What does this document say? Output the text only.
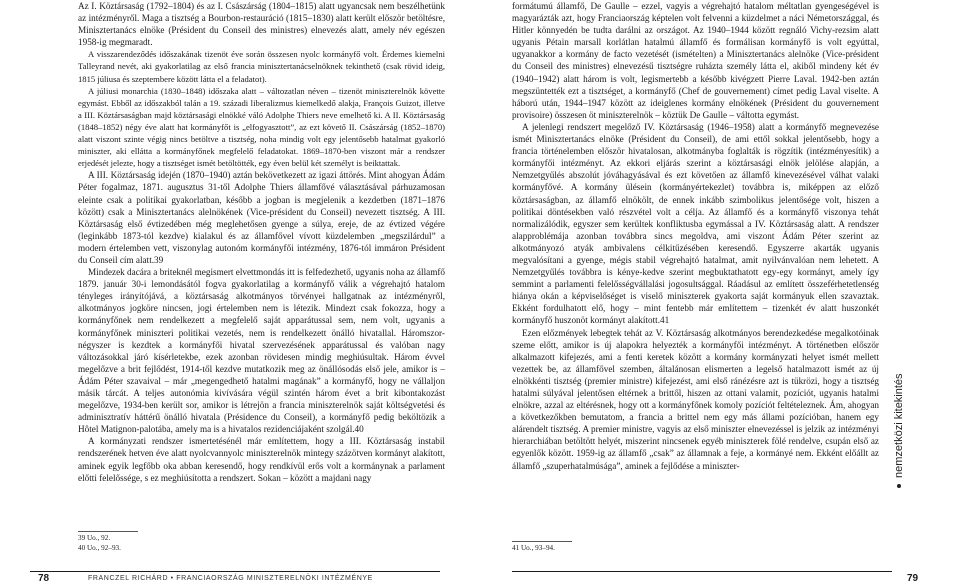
Az I. Köztársaság (1792–1804) és az I. Császárság (1804–1815) alatt ugyancsak nem beszélhetünk az intézményről. Maga a tisztség a Bourbon-restauráció (1815–1830) alatt került először betöltésre, Minisztertanács elnöke (Président du Conseil des ministres) elnevezés alatt, amely név egészen 1958-ig megmaradt.

A visszarendeződés időszakának tizenöt éve során összesen nyolc kormányfő volt. Érdemes kiemelni Talleyrand nevét, aki gyakorlatilag az első francia minisztertanácselnöknek tekinthető (csak rövid ideig, 1815 júliusa és szeptembere között látta el a feladatot).

A júliusi monarchia (1830–1848) időszaka alatt – változatlan néven – tizenöt miniszterelnök követte egymást. Ebből az időszakból talán a 19. századi liberalizmus kiemelkedő alakja, François Guizot, illetve a III. Köztársaságban majd köztársasági elnökké váló Adolphe Thiers neve emelhető ki. A II. Köztársaság (1848–1852) négy éve alatt hat kormányfőt is „elfogyasztott”, az ezt követő II. Császárság (1852–1870) alatt viszont szinte végig nincs betöltve a tisztség, noha mindig volt egy jelentősebb hatalmat gyakorló miniszter, aki ellátta a kormányfőnek megfelelő feladatokat. 1869–1870-ben viszont már a rendszer erjedését jelezte, hogy a tisztséget ismét betöltötték, egy éven belül két személyt is beiktattak.

A III. Köztársaság idején (1870–1940) aztán bekövetkezett az igazi áttörés. Mint ahogyan Ádám Péter fogalmaz, 1871. augusztus 31-től Adolphe Thiers államfővé választásával párhuzamosan eleinte csak a politikai gyakorlatban, később a jogban is megjelenik a kezdetben (1871–1876 között) csak a Minisztertanács alelnökének (Vice-président du Conseil) nevezett tisztség. A III. Köztársaság első évtizedében még meglehetősen gyenge a súlya, ereje, de az évtized végére (leginkább 1873-tól kezdve) kialakul és az államfővel vívott küzdelemben „megszilárdul” a modern értelemben vett, viszonylag autonóm kormányfői intézmény, 1876-tól immáron Président du Conseil cím alatt.39

Mindezek dacára a briteknél megismert elvettmondás itt is felfedezhető, ugyanis noha az államfő 1879. január 30-i lemondásától fogva gyakorlatilag a kormányfő válik a végrehajtó hatalom tényleges irányítójává, a köztársaság alkotmányos törvényei hallgatnak az intézményről, alkotmányos jogköre nincsen, jogi értelemben nem is létezik. Mindezt csak fokozza, hogy a kormányfőnek nem rendelkezett a megfelelő saját apparátussal sem, nem volt, ugyanis a kormányfőnek miniszteri politikai vezetés, nem is rendelkezett önálló hivatallal. Háromszor-négyszer is kezdtek a kormányfői hivatal szervezésének apparátussal és valóban nagy változásokkal járó kísérletekbe, ezek azonban rövidesen mindig meghiúsultak. Három évvel megelőzve a brit fejlődést, 1914-től kezdve mutatkozik meg az önállósodás első jele, amikor is – Ádám Péter szavaival – már „megengedhető hatalmi magának” a kormányfő, hogy ne vállaljon másik tárcát. A teljes autonómia kivívására végül szintén három évet a brit kibontakozást megelőzve, 1934-ben került sor, amikor is létrejön a francia miniszterelnök saját költségvetési és adminisztratív háttérű önálló hivatala (Présidence du Conseil), a kormányfő pedig beköltözik a Hôtel Matignon-palotába, amely ma is a hivatalos rezidenciájaként szolgál.40

A kormányzati rendszer ismertetésénél már említettem, hogy a III. Köztársaság instabil rendszerének hetven éve alatt nyolcvannyolc miniszterelnök mintegy százötven kormányt alakított, aminek egyik legfőbb oka abban keresendő, hogy rendkívül erős volt a kormánynak a parlament előtti felelőssége, s ez meghiúsította a rendszert. Sokan – között a majdani nagy

39 Uo., 92.
40 Uo., 92–93.

formátumú államfő, De Gaulle – ezzel, vagyis a végrehajtó hatalom méltatlan gyengeségével is magyarázták azt, hogy Franciaország képtelen volt felvenni a küzdelmet a náci Németországgal, és Hitler könnyedén be tudta darálni az országot. Az 1940–1944 között regnáló Vichy-rezsim alatt ugyanis Pétain marsall korlátlan hatalmú államfő és formálisan kormányfő is volt egyúttal, ugyanakkor a kormány de facto vezetését (ismételten) a Minisztertanács alelnöke (Vice-président du Conseil des ministres) elnevezésű tisztségre ruházta személy látta el, akiből mindeny két év (1940–1942) alatt három is volt, legismertebb a később kivégzett Pierre Laval. 1942-ben aztán megszüntették ezt a tisztséget, a kormányfő (Chef de gouvernement) címet pedig Laval viselte. A háború után, 1944–1947 között az ideiglenes kormány elnökének (Président du gouvernement provisoire) összesen öt miniszterelnök – köztük De Gaulle – váltotta egymást.

A jelenlegi rendszert megelőző IV. Köztársaság (1946–1958) alatt a kormányfő megnevezése ismét Minisztertanács elnöke (Président du Conseil), de ami ettől sokkal jelentősebb, hogy a francia történelemben először hivatalosan, alkotmányba foglalták is rögzítik (intézményesítik) a kormányfői intézményt. Az ekkori eljárás szerint a köztársasági elnök jelölése alapján, a Nemzetgyűlés abszolút jóváhagyásával és ezt követően az államfő kinevezésével válhat valaki kormányfővé. A kormány ülésein (kormányértekezlet) továbbra is, miképpen az előző köztársaságban, az államfő elnökölt, de ennek inkább szimbolikus jelentősége volt, hiszen a politikai döntésekben való részvétel volt a célja. Az államfő és a kormányfő viszonya tehát normalizálódik, egyszer sem kerültek konfliktusba egymással a IV. Köztársaság alatt. A rendszer alapproblémája azonban továbbra sincs megoldva, ami viszont Ádám Péter szerint az alkotmányozó atyák ambivalens célkitűzésében keresendő. Egyszerre akarták ugyanis megvalósítani a gyenge, mégis stabil végrehajtó hatalmat, amit nyilvánvalóan nem lehetett. A Nemzetgyűlés továbbra is kénye-kedve szerint megbuktathatott egy-egy kormányt, amely így semmint a parlamenti felelősségvállalási jogosultsággal. Ráadásul az említett összeférhetetlenség hiánya okán a képviselőséget is viselő miniszterek gyakorta saját kormányuk ellen szavaztak. Ekként fordulhatott elő, hogy – mint fentebb már említettem – tizenkét év alatt huszonkét kormányfő huszonöt kormányt alakított.41

Ezen előzmények lebegtek tehát az V. Köztársaság alkotmányos berendezkedése megalkotóinak szeme előtt, amikor is új alapokra helyezték a kormányfői intézményt. A történetben először alkalmazott kifejezés, ami a fenti keretek között a kormány kormányzati helyet ismét mellett vezettek be, az államfővel szemben, általánosan elismerten a legelső hatalmazott ismét az új elnökkénti tisztség (premier ministre) kifejezést, ami első ránézésre azt is tükrözi, hogy a tisztség hatalmi súlyával jelentősen eltérnek a brittől, hiszen az ottani valamit, pozíciót, ugyanis hatalmi elnökre, azzal az eltérésnek, hogy ott a kormányfőnek komoly pozíciót feltételeznek. Ám, ahogyan a következőkben bemutatom, a francia a brittel nem egy más állami pozícióban, hanem egy alárendelt tisztség. A premier ministre, vagyis az első miniszter elnevezéssel is jelzik az intézményi hierarchiában betöltött helyét, miszerint nincsenek egyéb miniszterek fölé rendelve, csupán első az egyenlők között. 1959-ig az államfő „csak” az államnak a feje, a kormányé nem. Ekként előállt az államfő „szuperhatalmúsága”, aminek a fejlődése a miniszter-

41 Uo., 93–94.
78	FRANCZEL RICHÁRD • FRANCIAORSZÁG MINISZTERELNÖKI INTÉZMÉNYE	79
nemzetközi kitekintés
